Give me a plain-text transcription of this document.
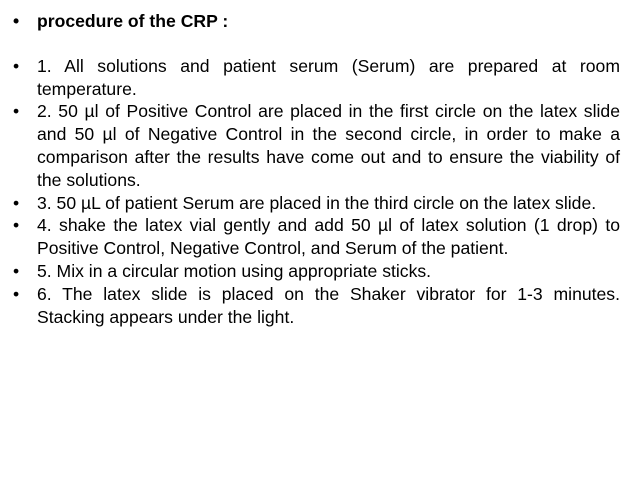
•	procedure of the CRP :
•	1. All solutions and patient serum (Serum) are prepared at room temperature.
•	2. 50 µl of Positive Control are placed in the first circle on the latex slide and 50 µl of Negative Control in the second circle, in order to make a comparison after the results have come out and to ensure the viability of the solutions.
•	3. 50 µL of patient Serum are placed in the third circle on the latex slide.
•	4. shake the latex vial gently and add 50 µl of latex solution (1 drop) to Positive Control, Negative Control, and Serum of the patient.
•	5. Mix in a circular motion using appropriate sticks.
•	6. The latex slide is placed on the Shaker vibrator for 1-3 minutes. Stacking appears under the light.
